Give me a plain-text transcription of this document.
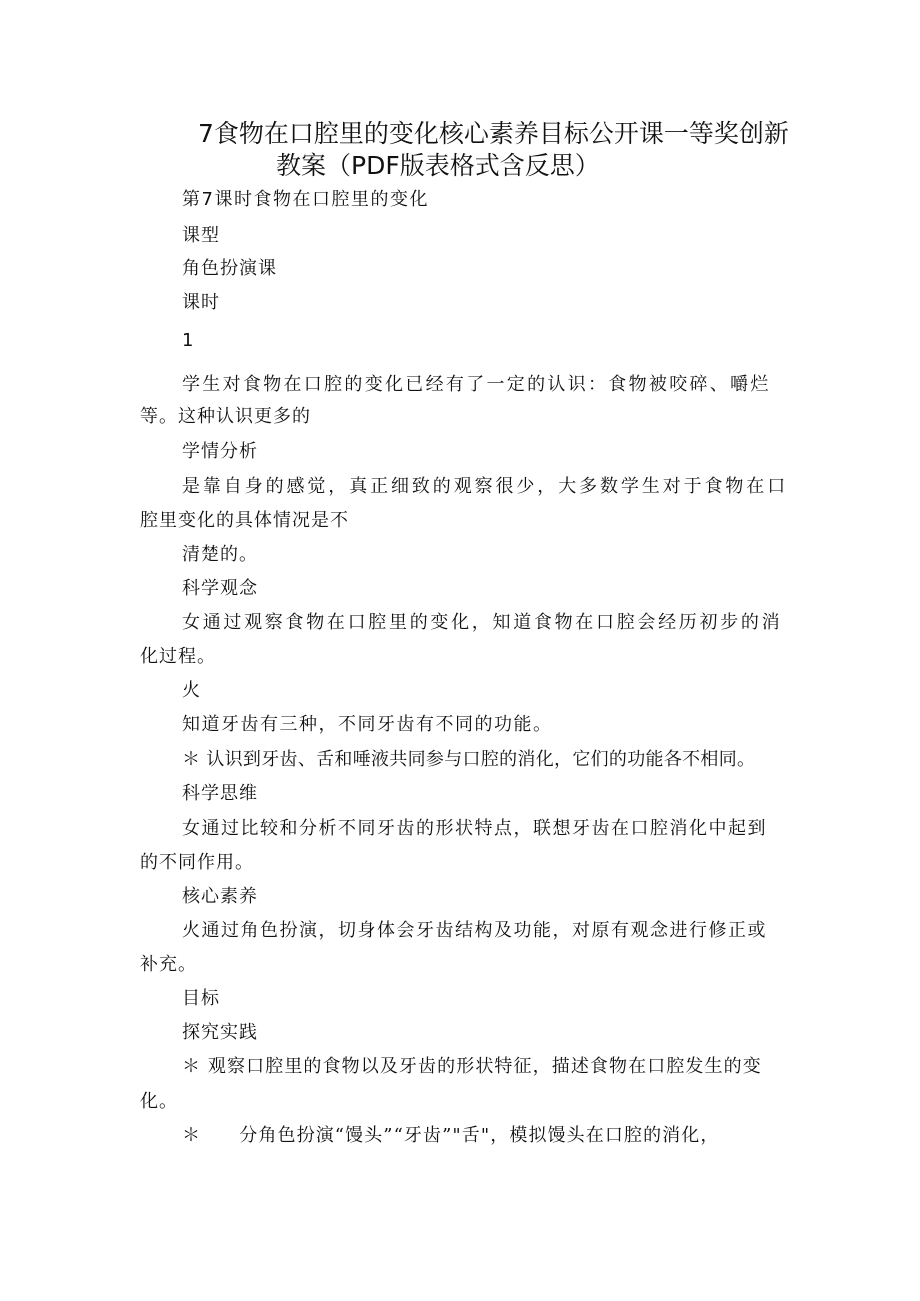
7食物在口腔里的变化核心素养目标公开课一等奖创新
教案（PDF版表格式含反思）
第7课时食物在口腔里的变化
课型
角色扮演课
课时
1
学生对食物在口腔的变化已经有了一定的认识：食物被咬碎、嚼烂
等。这种认识更多的
学情分析
是靠自身的感觉，真正细致的观察很少，大多数学生对于食物在口
腔里变化的具体情况是不
清楚的。
科学观念
女通过观察食物在口腔里的变化，知道食物在口腔会经历初步的消
化过程。
火
知道牙齿有三种，不同牙齿有不同的功能。
＊ 认识到牙齿、舌和唾液共同参与口腔的消化，它们的功能各不相同。
科学思维
女通过比较和分析不同牙齿的形状特点，联想牙齿在口腔消化中起到
的不同作用。
核心素养
火通过角色扮演，切身体会牙齿结构及功能，对原有观念进行修正或
补充。
目标
探究实践
＊ 观察口腔里的食物以及牙齿的形状特征，描述食物在口腔发生的变
化。
＊　　分角色扮演“馒头”“牙齿”"舌"，模拟馒头在口腔的消化，
